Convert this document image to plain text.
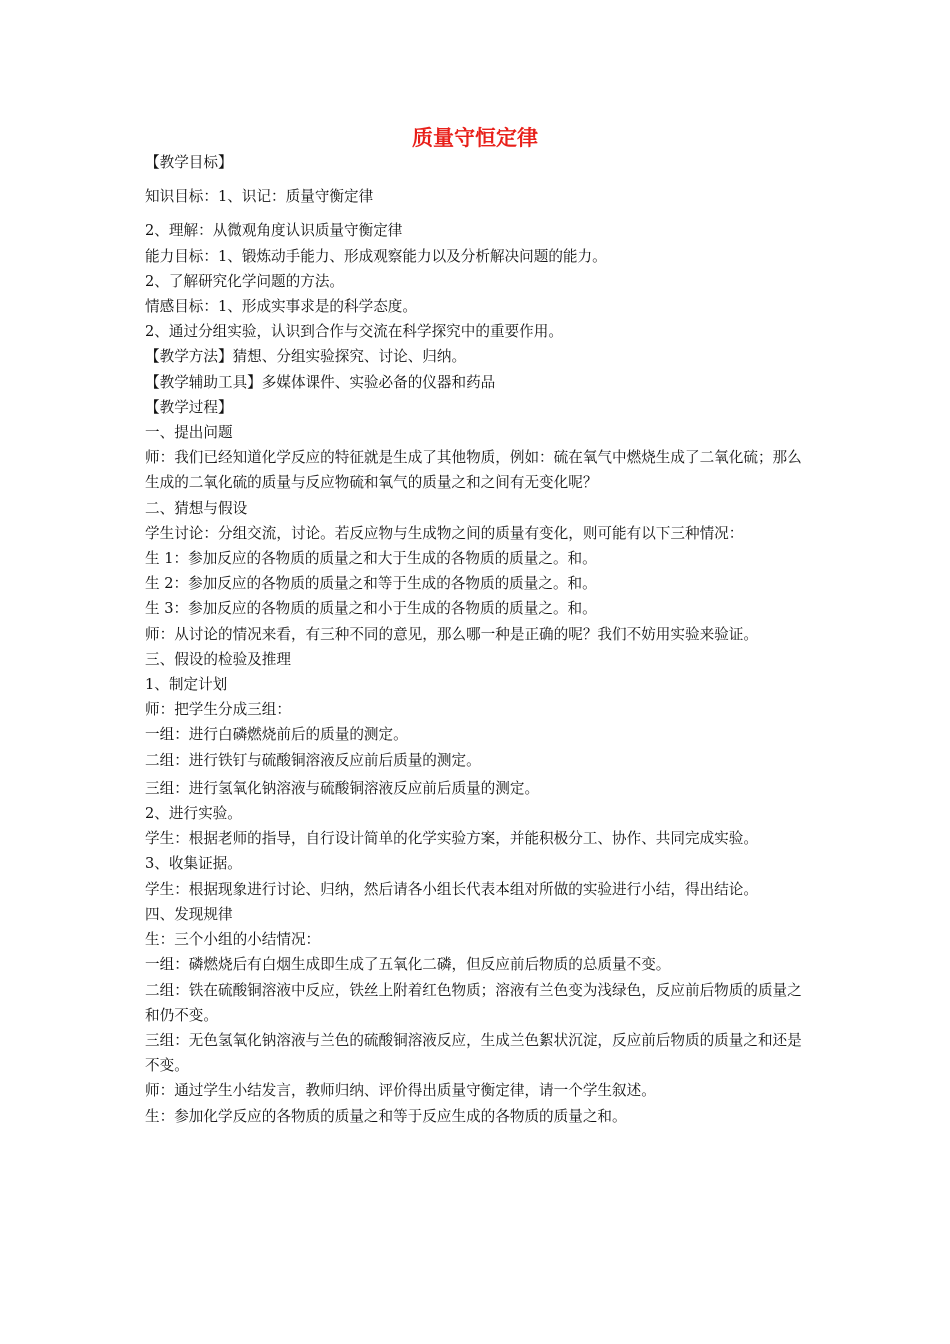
质量守恒定律

【教学目标】

知识目标：1、识记：质量守衡定律

2、理解：从微观角度认识质量守衡定律

能力目标：1、锻炼动手能力、形成观察能力以及分析解决问题的能力。

2、了解研究化学问题的方法。

情感目标：1、形成实事求是的科学态度。

2、通过分组实验，认识到合作与交流在科学探究中的重要作用。

【教学方法】猜想、分组实验探究、讨论、归纳。

【教学辅助工具】多媒体课件、实验必备的仪器和药品

【教学过程】

一、提出问题

师：我们已经知道化学反应的特征就是生成了其他物质，例如：硫在氧气中燃烧生成了二氧化硫；那么生成的二氧化硫的质量与反应物硫和氧气的质量之和之间有无变化呢？

二、猜想与假设

学生讨论：分组交流，讨论。若反应物与生成物之间的质量有变化，则可能有以下三种情况：

生 1：参加反应的各物质的质量之和大于生成的各物质的质量之。和。

生 2：参加反应的各物质的质量之和等于生成的各物质的质量之。和。

生 3：参加反应的各物质的质量之和小于生成的各物质的质量之。和。

师：从讨论的情况来看，有三种不同的意见，那么哪一种是正确的呢？我们不妨用实验来验证。

三、假设的检验及推理

1、制定计划

师：把学生分成三组：

一组：进行白磷燃烧前后的质量的测定。

二组：进行铁钉与硫酸铜溶液反应前后质量的测定。

三组：进行氢氧化钠溶液与硫酸铜溶液反应前后质量的测定。

2、进行实验。

学生：根据老师的指导，自行设计简单的化学实验方案，并能积极分工、协作、共同完成实验。

3、收集证据。

学生：根据现象进行讨论、归纳，然后请各小组长代表本组对所做的实验进行小结，得出结论。

四、发现规律

生：三个小组的小结情况：

一组：磷燃烧后有白烟生成即生成了五氧化二磷，但反应前后物质的总质量不变。

二组：铁在硫酸铜溶液中反应，铁丝上附着红色物质；溶液有兰色变为浅绿色，反应前后物质的质量之和仍不变。

三组：无色氢氧化钠溶液与兰色的硫酸铜溶液反应，生成兰色絮状沉淀，反应前后物质的质量之和还是不变。

师：通过学生小结发言，教师归纳、评价得出质量守衡定律，请一个学生叙述。

生：参加化学反应的各物质的质量之和等于反应生成的各物质的质量之和。
